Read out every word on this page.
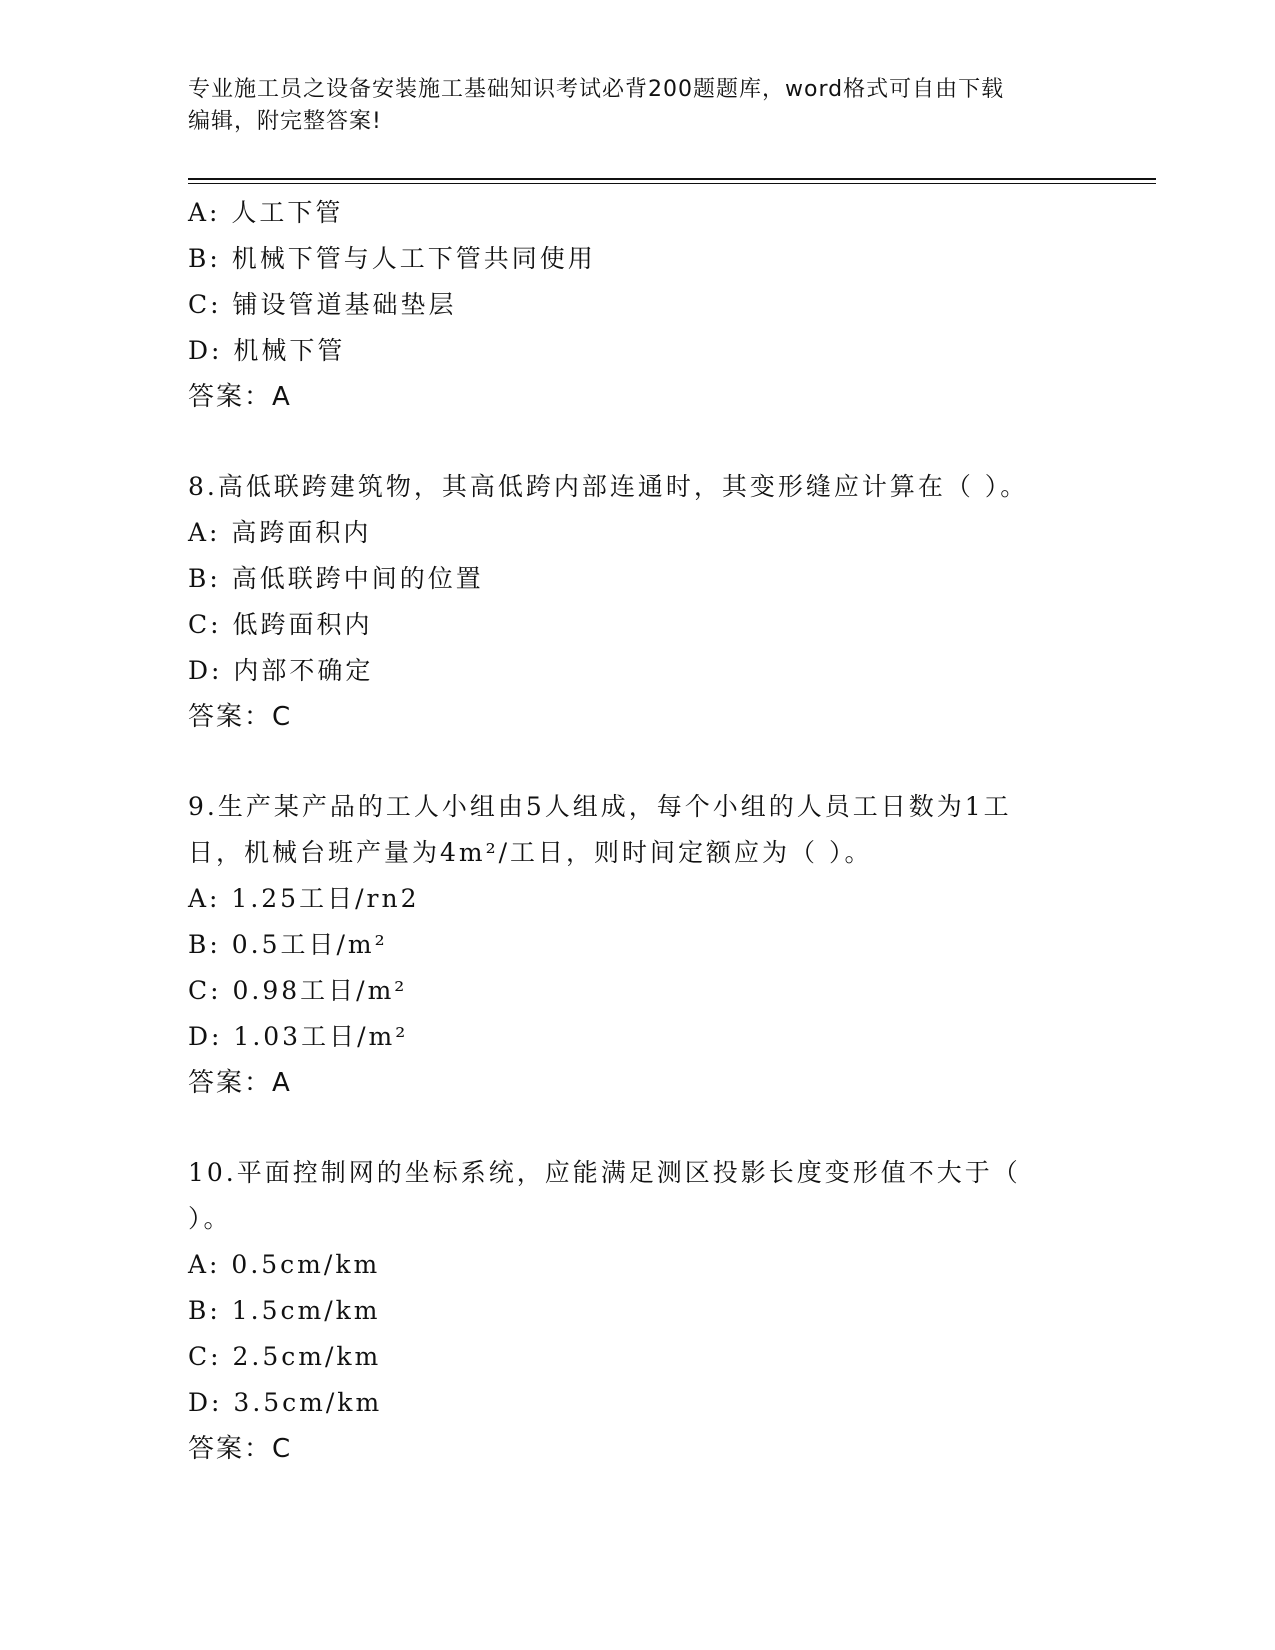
专业施工员之设备安装施工基础知识考试必背200题题库，word格式可自由下载
编辑，附完整答案!
A: 人工下管
B: 机械下管与人工下管共同使用
C: 铺设管道基础垫层
D: 机械下管
答案：A
8.高低联跨建筑物，其高低跨内部连通时，其变形缝应计算在（ ）。
A: 高跨面积内
B: 高低联跨中间的位置
C: 低跨面积内
D: 内部不确定
答案：C
9.生产某产品的工人小组由5人组成，每个小组的人员工日数为1工
日，机械台班产量为4m²/工日，则时间定额应为（ ）。
A: 1.25工日/rn2
B: 0.5工日/m²
C: 0.98工日/m²
D: 1.03工日/m²
答案：A
10.平面控制网的坐标系统，应能满足测区投影长度变形值不大于（
）。
A: 0.5cm/km
B: 1.5cm/km
C: 2.5cm/km
D: 3.5cm/km
答案：C
